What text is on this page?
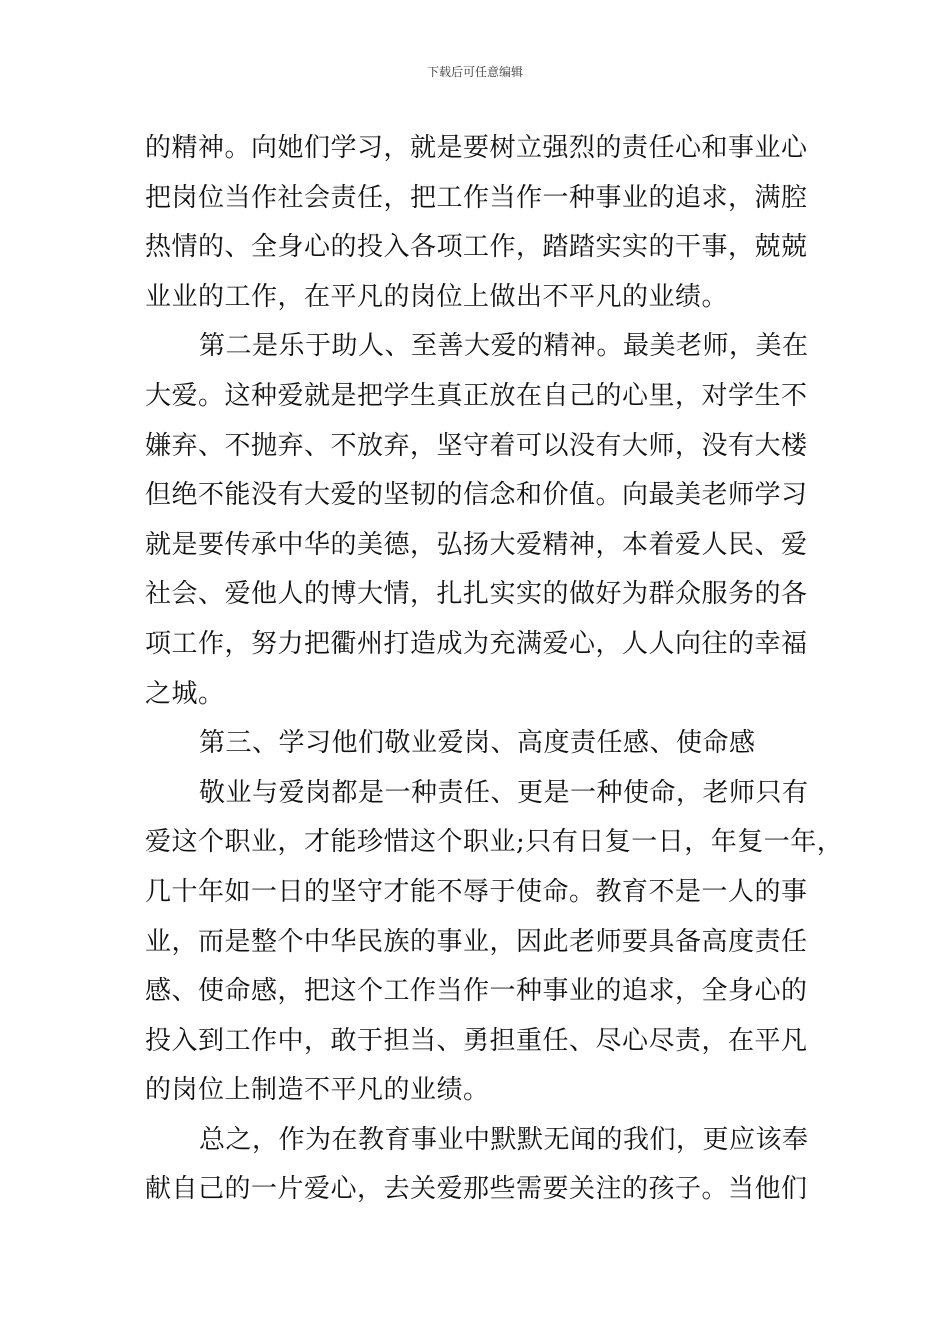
下载后可任意编辑
的精神。向她们学习，就是要树立强烈的责任心和事业心
把岗位当作社会责任，把工作当作一种事业的追求，满腔
热情的、全身心的投入各项工作，踏踏实实的干事，兢兢
业业的工作，在平凡的岗位上做出不平凡的业绩。
第二是乐于助人、至善大爱的精神。最美老师，美在
大爱。这种爱就是把学生真正放在自己的心里，对学生不
嫌弃、不抛弃、不放弃，坚守着可以没有大师，没有大楼
但绝不能没有大爱的坚韧的信念和价值。向最美老师学习
就是要传承中华的美德，弘扬大爱精神，本着爱人民、爱
社会、爱他人的博大情，扎扎实实的做好为群众服务的各
项工作，努力把衢州打造成为充满爱心，人人向往的幸福
之城。
第三、学习他们敬业爱岗、高度责任感、使命感
敬业与爱岗都是一种责任、更是一种使命，老师只有
爱这个职业，才能珍惜这个职业;只有日复一日，年复一年，
几十年如一日的坚守才能不辱于使命。教育不是一人的事
业，而是整个中华民族的事业，因此老师要具备高度责任
感、使命感，把这个工作当作一种事业的追求，全身心的
投入到工作中，敢于担当、勇担重任、尽心尽责，在平凡
的岗位上制造不平凡的业绩。
总之，作为在教育事业中默默无闻的我们，更应该奉
献自己的一片爱心，去关爱那些需要关注的孩子。当他们
